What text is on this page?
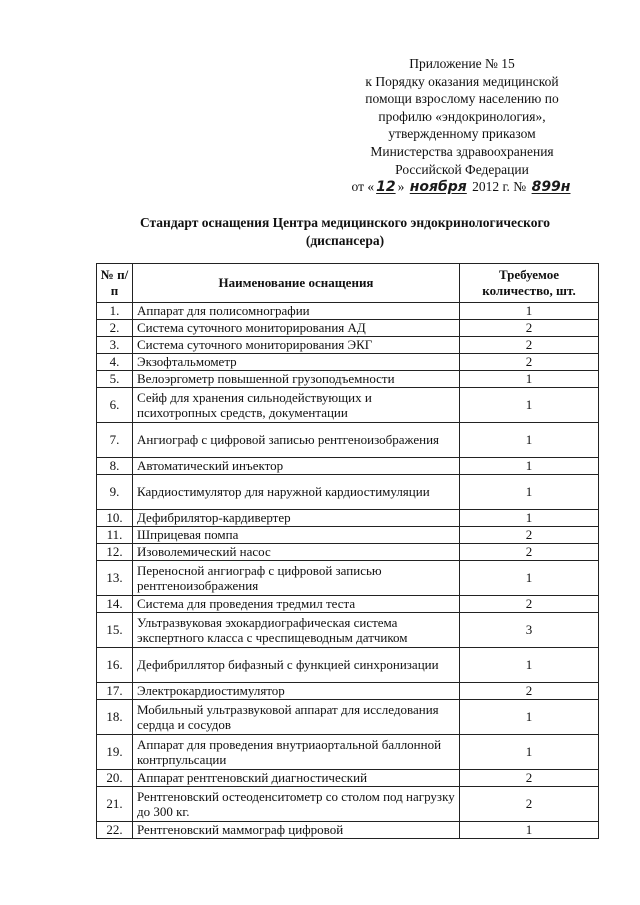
Приложение № 15
к Порядку оказания медицинской
помощи взрослому населению по
профилю «эндокринология»,
утвержденному приказом
Министерства здравоохранения
Российской Федерации
от « 12 » ноября 2012 г. № 899н
Стандарт оснащения Центра медицинского эндокринологического
(диспансера)
№ п/п	Наименование оснащения	Требуемое количество, шт.
1.	Аппарат для полисомнографии	1
2.	Система суточного мониторирования АД	2
3.	Система суточного мониторирования ЭКГ	2
4.	Экзофтальмометр	2
5.	Велоэргометр повышенной грузоподъемности	1
6.	Сейф для хранения сильнодействующих и психотропных средств, документации	1
7.	Ангиограф с цифровой записью рентгеноизображения	1
8.	Автоматический инъектор	1
9.	Кардиостимулятор для наружной кардиостимуляции	1
10.	Дефибрилятор-кардивертер	1
11.	Шприцевая помпа	2
12.	Изоволемический насос	2
13.	Переносной ангиограф с цифровой записью рентгеноизображения	1
14.	Система для проведения тредмил теста	2
15.	Ультразвуковая эхокардиографическая система экспертного класса с чреспищеводным датчиком	3
16.	Дефибриллятор бифазный с функцией синхронизации	1
17.	Электрокардиостимулятор	2
18.	Мобильный ультразвуковой аппарат для исследования сердца и сосудов	1
19.	Аппарат для проведения внутриаортальной баллонной контрпульсации	1
20.	Аппарат рентгеновский диагностический	2
21.	Рентгеновский остеоденситометр со столом под нагрузку до 300 кг.	2
22.	Рентгеновский маммограф цифровой	1
